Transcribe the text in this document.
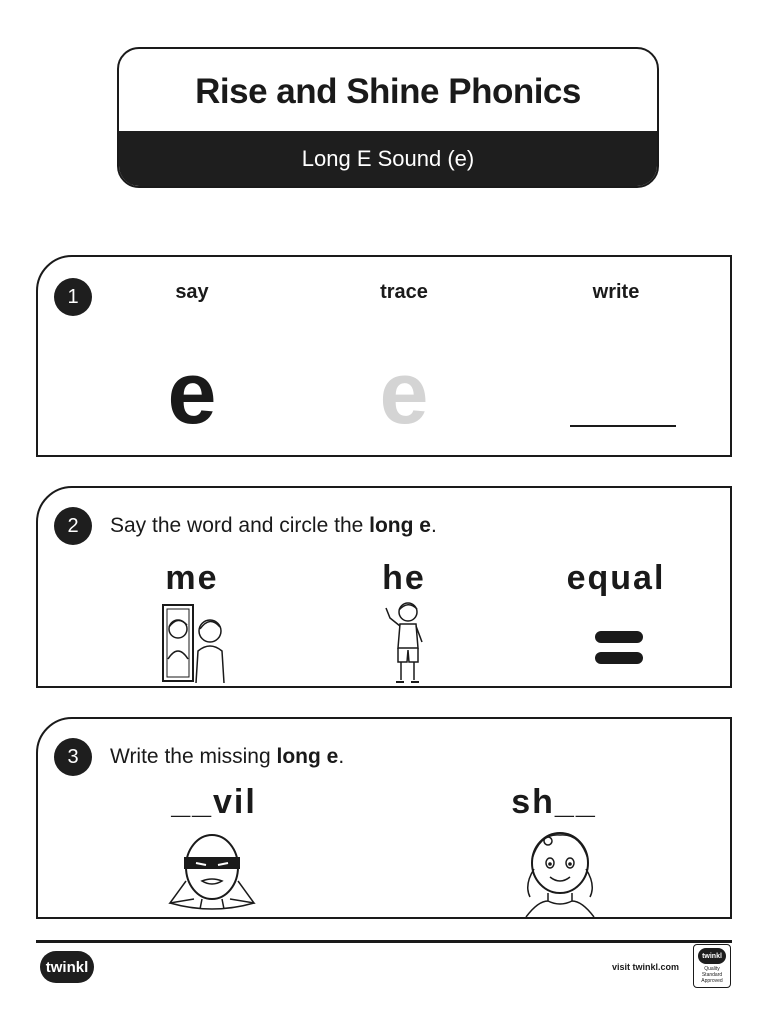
Rise and Shine Phonics
Long E Sound (e)
1	say	trace	write
e	e
2	Say the word and circle the long e.
me	he	equal
3	Write the missing long e.
__vil	sh__
twinkl	visit twinkl.com
twinkl
Quality Standard Approved
